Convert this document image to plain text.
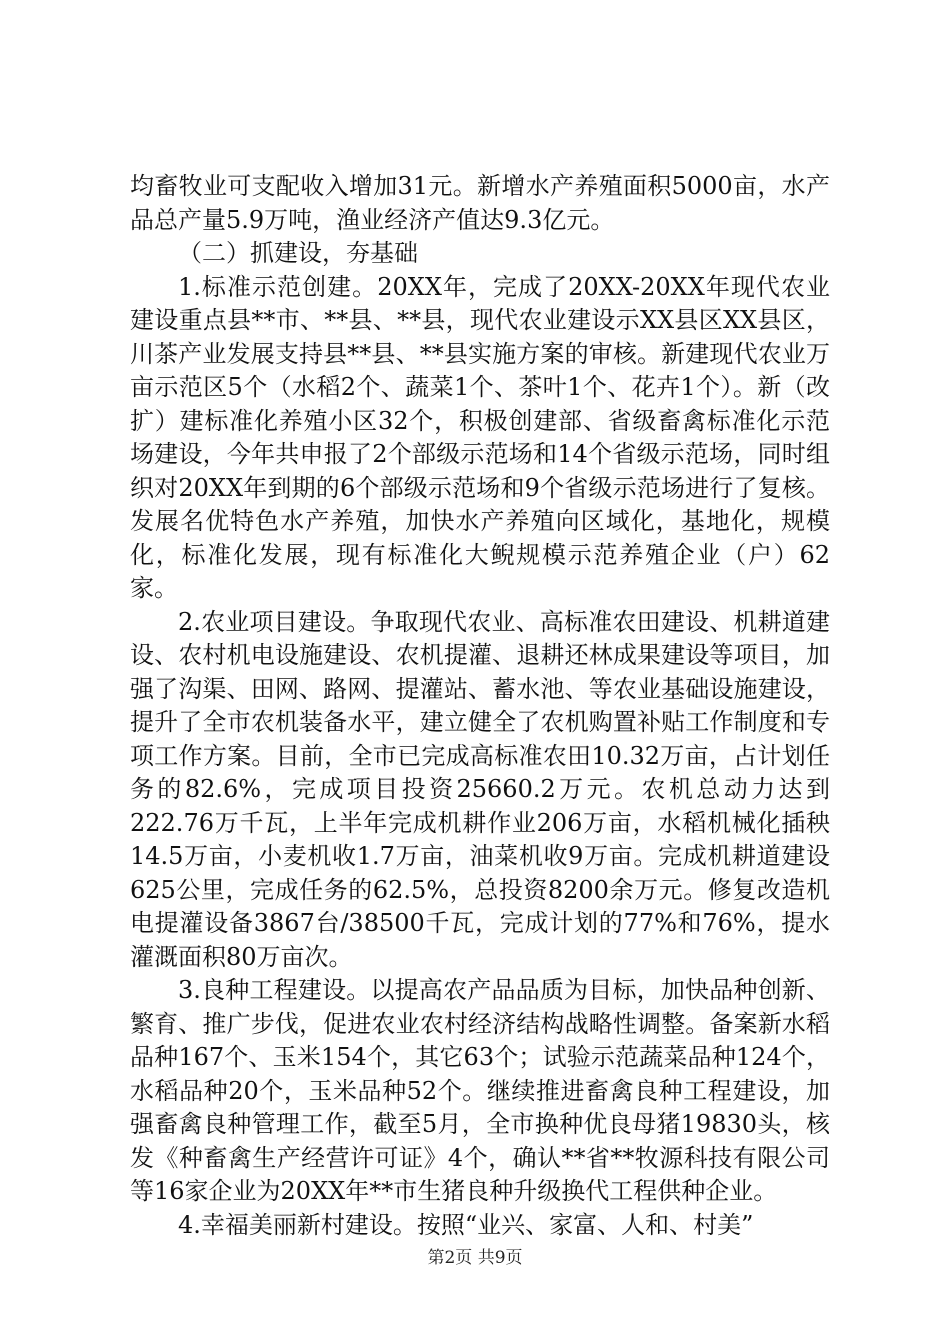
均畜牧业可支配收入增加31元。新增水产养殖面积5000亩，水产品总产量5.9万吨，渔业经济产值达9.3亿元。

（二）抓建设，夯基础

1.标准示范创建。20XX年，完成了20XX-20XX年现代农业建设重点县**市、**县、**县，现代农业建设示XX县区XX县区，川茶产业发展支持县**县、**县实施方案的审核。新建现代农业万亩示范区5个（水稻2个、蔬菜1个、茶叶1个、花卉1个）。新（改扩）建标准化养殖小区32个，积极创建部、省级畜禽标准化示范场建设，今年共申报了2个部级示范场和14个省级示范场，同时组织对20XX年到期的6个部级示范场和9个省级示范场进行了复核。发展名优特色水产养殖，加快水产养殖向区域化，基地化，规模化，标准化发展，现有标准化大鲵规模示范养殖企业（户）62家。

2.农业项目建设。争取现代农业、高标准农田建设、机耕道建设、农村机电设施建设、农机提灌、退耕还林成果建设等项目，加强了沟渠、田网、路网、提灌站、蓄水池、等农业基础设施建设，提升了全市农机装备水平，建立健全了农机购置补贴工作制度和专项工作方案。目前，全市已完成高标准农田10.32万亩，占计划任务的82.6%，完成项目投资25660.2万元。农机总动力达到222.76万千瓦，上半年完成机耕作业206万亩，水稻机械化插秧14.5万亩，小麦机收1.7万亩，油菜机收9万亩。完成机耕道建设625公里，完成任务的62.5%，总投资8200余万元。修复改造机电提灌设备3867台/38500千瓦，完成计划的77%和76%，提水灌溉面积80万亩次。

3.良种工程建设。以提高农产品品质为目标，加快品种创新、繁育、推广步伐，促进农业农村经济结构战略性调整。备案新水稻品种167个、玉米154个，其它63个；试验示范蔬菜品种124个，水稻品种20个，玉米品种52个。继续推进畜禽良种工程建设，加强畜禽良种管理工作，截至5月，全市换种优良母猪19830头，核发《种畜禽生产经营许可证》4个，确认**省**牧源科技有限公司等16家企业为20XX年**市生猪良种升级换代工程供种企业。

4.幸福美丽新村建设。按照“业兴、家富、人和、村美”

第2页 共9页
